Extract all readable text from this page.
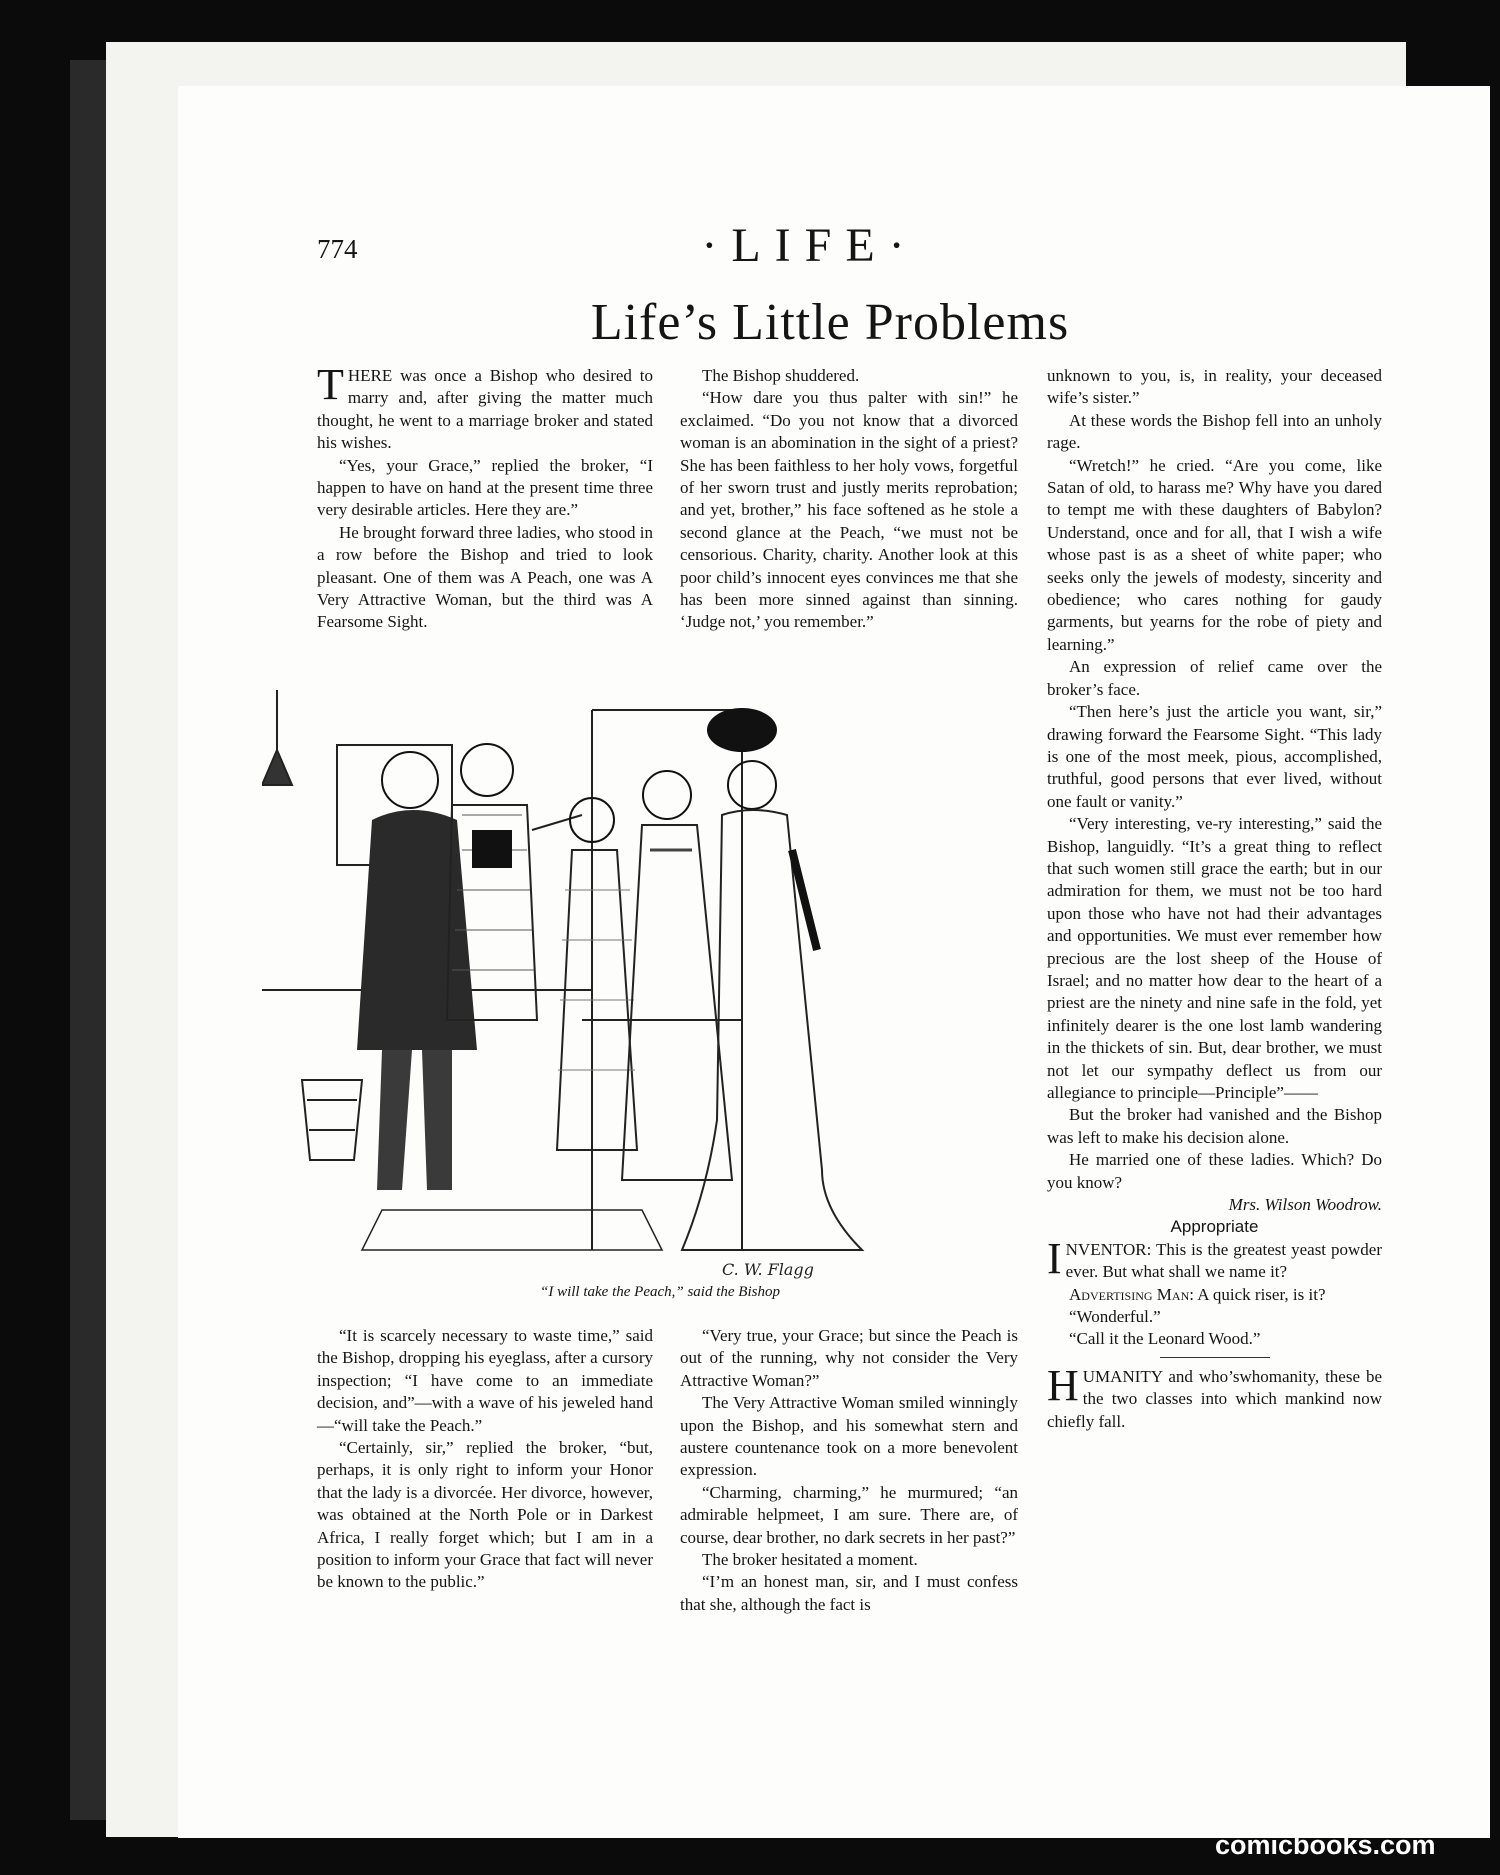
774	·LIFE·
Life’s Little Problems

THERE was once a Bishop who desired to marry and, after giving the matter much thought, he went to a marriage broker and stated his wishes.

“Yes, your Grace,” replied the broker, “I happen to have on hand at the present time three very desirable articles. Here they are.”

He brought forward three ladies, who stood in a row before the Bishop and tried to look pleasant. One of them was A Peach, one was A Very Attractive Woman, but the third was A Fearsome Sight.

The Bishop shuddered.

“How dare you thus palter with sin!” he exclaimed. “Do you not know that a divorced woman is an abomination in the sight of a priest? She has been faithless to her holy vows, forgetful of her sworn trust and justly merits reprobation; and yet, brother,” his face softened as he stole a second glance at the Peach, “we must not be censorious. Charity, charity. Another look at this poor child’s innocent eyes convinces me that she has been more sinned against than sinning. ‘Judge not,’ you remember.”

unknown to you, is, in reality, your deceased wife’s sister.”

At these words the Bishop fell into an unholy rage.

“Wretch!” he cried. “Are you come, like Satan of old, to harass me? Why have you dared to tempt me with these daughters of Babylon? Understand, once and for all, that I wish a wife whose past is as a sheet of white paper; who seeks only the jewels of modesty, sincerity and obedience; who cares nothing for gaudy garments, but yearns for the robe of piety and learning.”

An expression of relief came over the broker’s face.

“Then here’s just the article you want, sir,” drawing forward the Fearsome Sight. “This lady is one of the most meek, pious, accomplished, truthful, good persons that ever lived, without one fault or vanity.”

“Very interesting, ve-ry interesting,” said the Bishop, languidly. “It’s a great thing to reflect that such women still grace the earth; but in our admiration for them, we must not be too hard upon those who have not had their advantages and opportunities. We must ever remember how precious are the lost sheep of the House of Israel; and no matter how dear to the heart of a priest are the ninety and nine safe in the fold, yet infinitely dearer is the one lost lamb wandering in the thickets of sin. But, dear brother, we must not let our sympathy deflect us from our allegiance to principle—Principle”——

But the broker had vanished and the Bishop was left to make his decision alone.

He married one of these ladies. Which? Do you know?

Mrs. Wilson Woodrow.

Appropriate

INVENTOR: This is the greatest yeast powder ever. But what shall we name it?

Advertising Man: A quick riser, is it?

“Wonderful.”

“Call it the Leonard Wood.”

HUMANITY and who’swhomanity, these be the two classes into which mankind now chiefly fall.

C. W. Flagg
“I will take the Peach,” said the Bishop

“It is scarcely necessary to waste time,” said the Bishop, dropping his eyeglass, after a cursory inspection; “I have come to an immediate decision, and”—with a wave of his jeweled hand —“will take the Peach.”

“Certainly, sir,” replied the broker, “but, perhaps, it is only right to inform your Honor that the lady is a divorcée. Her divorce, however, was obtained at the North Pole or in Darkest Africa, I really forget which; but I am in a position to inform your Grace that fact will never be known to the public.”

“Very true, your Grace; but since the Peach is out of the running, why not consider the Very Attractive Woman?”

The Very Attractive Woman smiled winningly upon the Bishop, and his somewhat stern and austere countenance took on a more benevolent expression.

“Charming, charming,” he murmured; “an admirable helpmeet, I am sure. There are, of course, dear brother, no dark secrets in her past?”

The broker hesitated a moment.

“I’m an honest man, sir, and I must confess that she, although the fact is

comicbooks.com
